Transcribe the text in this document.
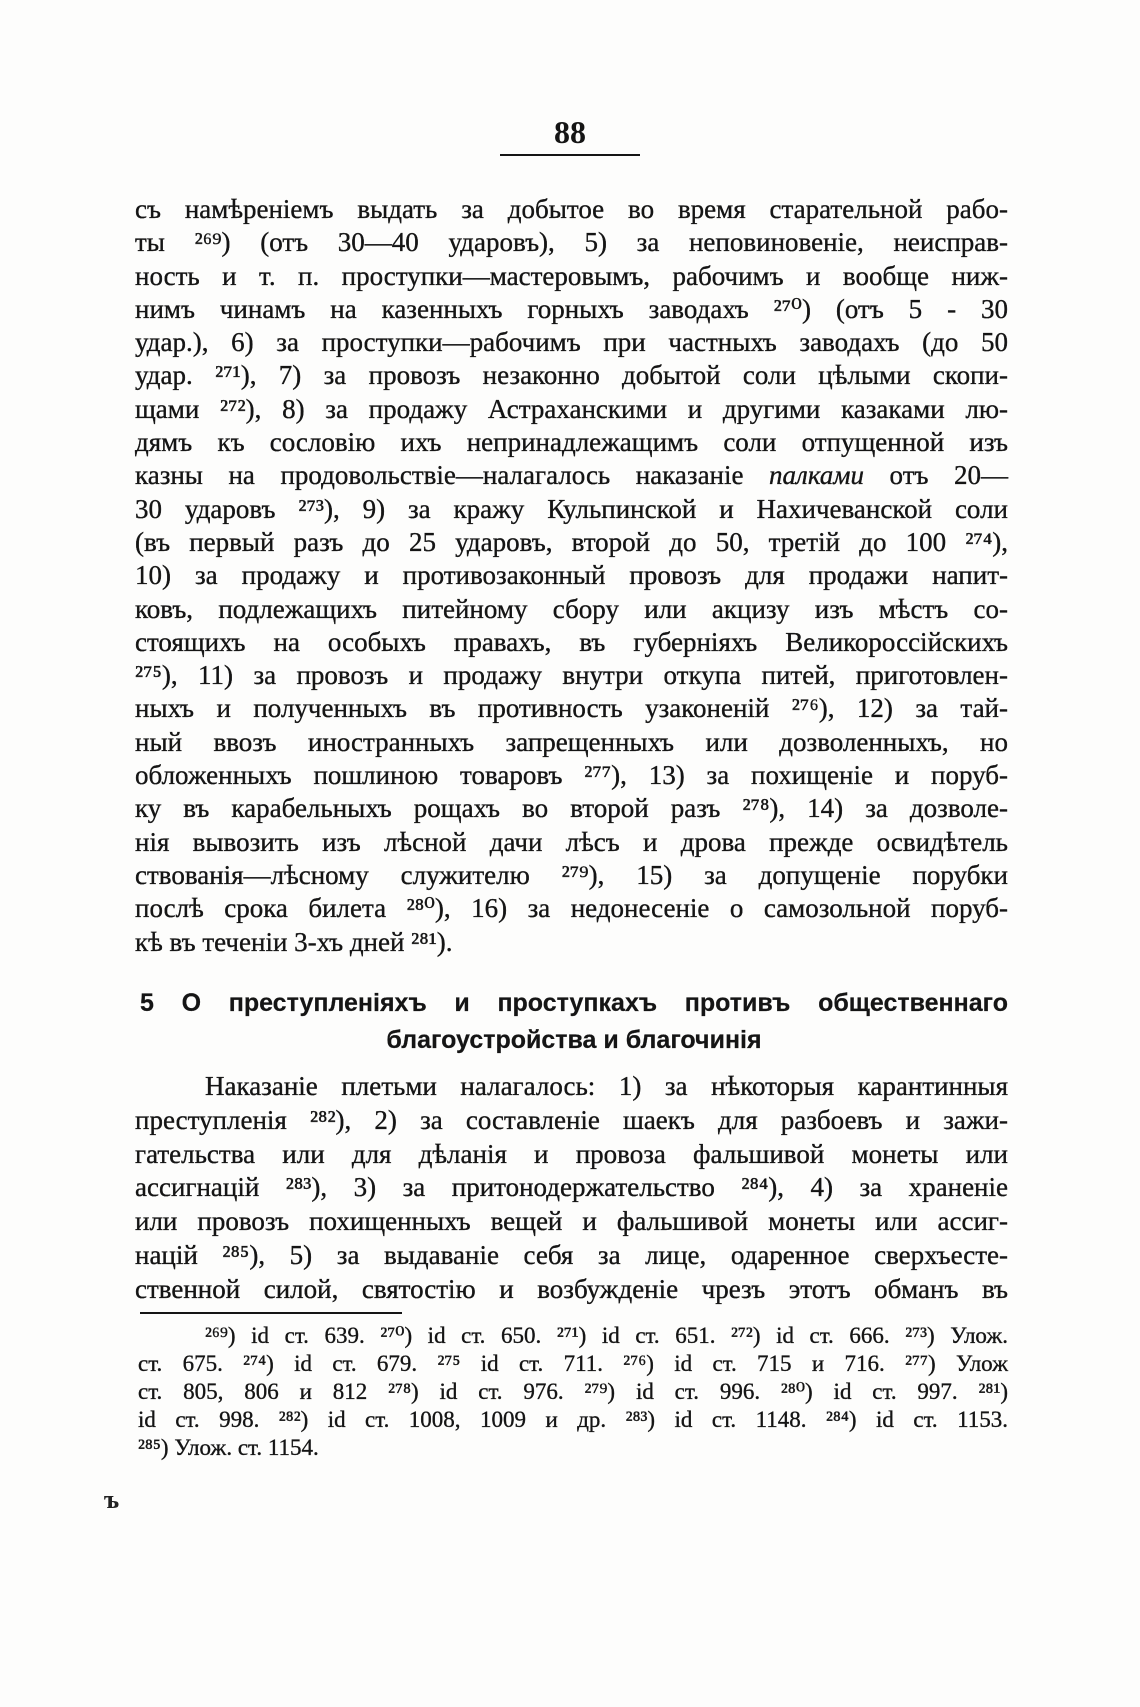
88
съ намѣреніемъ выдать за добытое во время старательной рабо-
ты ²⁶⁹) (отъ 30—40 ударовъ), 5) за неповиновеніе, неисправ-
ность и т. п. проступки—мастеровымъ, рабочимъ и вообще ниж-
нимъ чинамъ на казенныхъ горныхъ заводахъ ²⁷⁰) (отъ 5 - 30
удар.), 6) за проступки—рабочимъ при частныхъ заводахъ (до 50
удар. ²⁷¹), 7) за провозъ незаконно добытой соли цѣлыми скопи-
щами ²⁷²), 8) за продажу Астраханскими и другими казаками лю-
дямъ къ сословію ихъ непринадлежащимъ соли отпущенной изъ
казны на продовольствіе—налагалось наказаніе палками отъ 20—
30 ударовъ ²⁷³), 9) за кражу Кульпинской и Нахичеванской соли
(въ первый разъ до 25 ударовъ, второй до 50, третій до 100 ²⁷⁴),
10) за продажу и противозаконный провозъ для продажи напит-
ковъ, подлежащихъ питейному сбору или акцизу изъ мѣстъ со-
стоящихъ на особыхъ правахъ, въ губерніяхъ Великороссійскихъ
²⁷⁵), 11) за провозъ и продажу внутри откупа питей, приготовлен-
ныхъ и полученныхъ въ противность узаконеній ²⁷⁶), 12) за тай-
ный ввозъ иностранныхъ запрещенныхъ или дозволенныхъ, но
обложенныхъ пошлиною товаровъ ²⁷⁷), 13) за похищеніе и поруб-
ку въ карабельныхъ рощахъ во второй разъ ²⁷⁸), 14) за дозволе-
нія вывозить изъ лѣсной дачи лѣсъ и дрова прежде освидѣтель
ствованія—лѣсному служителю ²⁷⁹), 15) за допущеніе порубки
послѣ срока билета ²⁸⁰), 16) за недонесеніе о самозольной поруб-
кѣ въ теченіи 3-хъ дней ²⁸¹).
5 О преступленіяхъ и проступкахъ противъ общественнаго
благоустройства и благочинія
Наказаніе плетьми налагалось: 1) за нѣкоторыя карантинныя
преступленія ²⁸²), 2) за составленіе шаекъ для разбоевъ и зажи-
гательства или для дѣланія и провоза фальшивой монеты или
ассигнацій ²⁸³), 3) за притонодержательство ²⁸⁴), 4) за храненіе
или провозъ похищенныхъ вещей и фальшивой монеты или ассиг-
націй ²⁸⁵), 5) за выдаваніе себя за лице, одаренное сверхъесте-
ственной силой, святостію и возбужденіе чрезъ этотъ обманъ въ
²⁶⁹) id ст. 639. ²⁷⁰) id ст. 650. ²⁷¹) id ст. 651. ²⁷²) id ст. 666. ²⁷³) Улож.
ст. 675. ²⁷⁴) id ст. 679. ²⁷⁵ id ст. 711. ²⁷⁶) id ст. 715 и 716. ²⁷⁷) Улож
ст. 805, 806 и 812 ²⁷⁸) id ст. 976. ²⁷⁹) id ст. 996. ²⁸⁰) id ст. 997. ²⁸¹)
id ст. 998. ²⁸²) id ст. 1008, 1009 и др. ²⁸³) id ст. 1148. ²⁸⁴) id ст. 1153.
²⁸⁵) Улож. ст. 1154.
ъ
